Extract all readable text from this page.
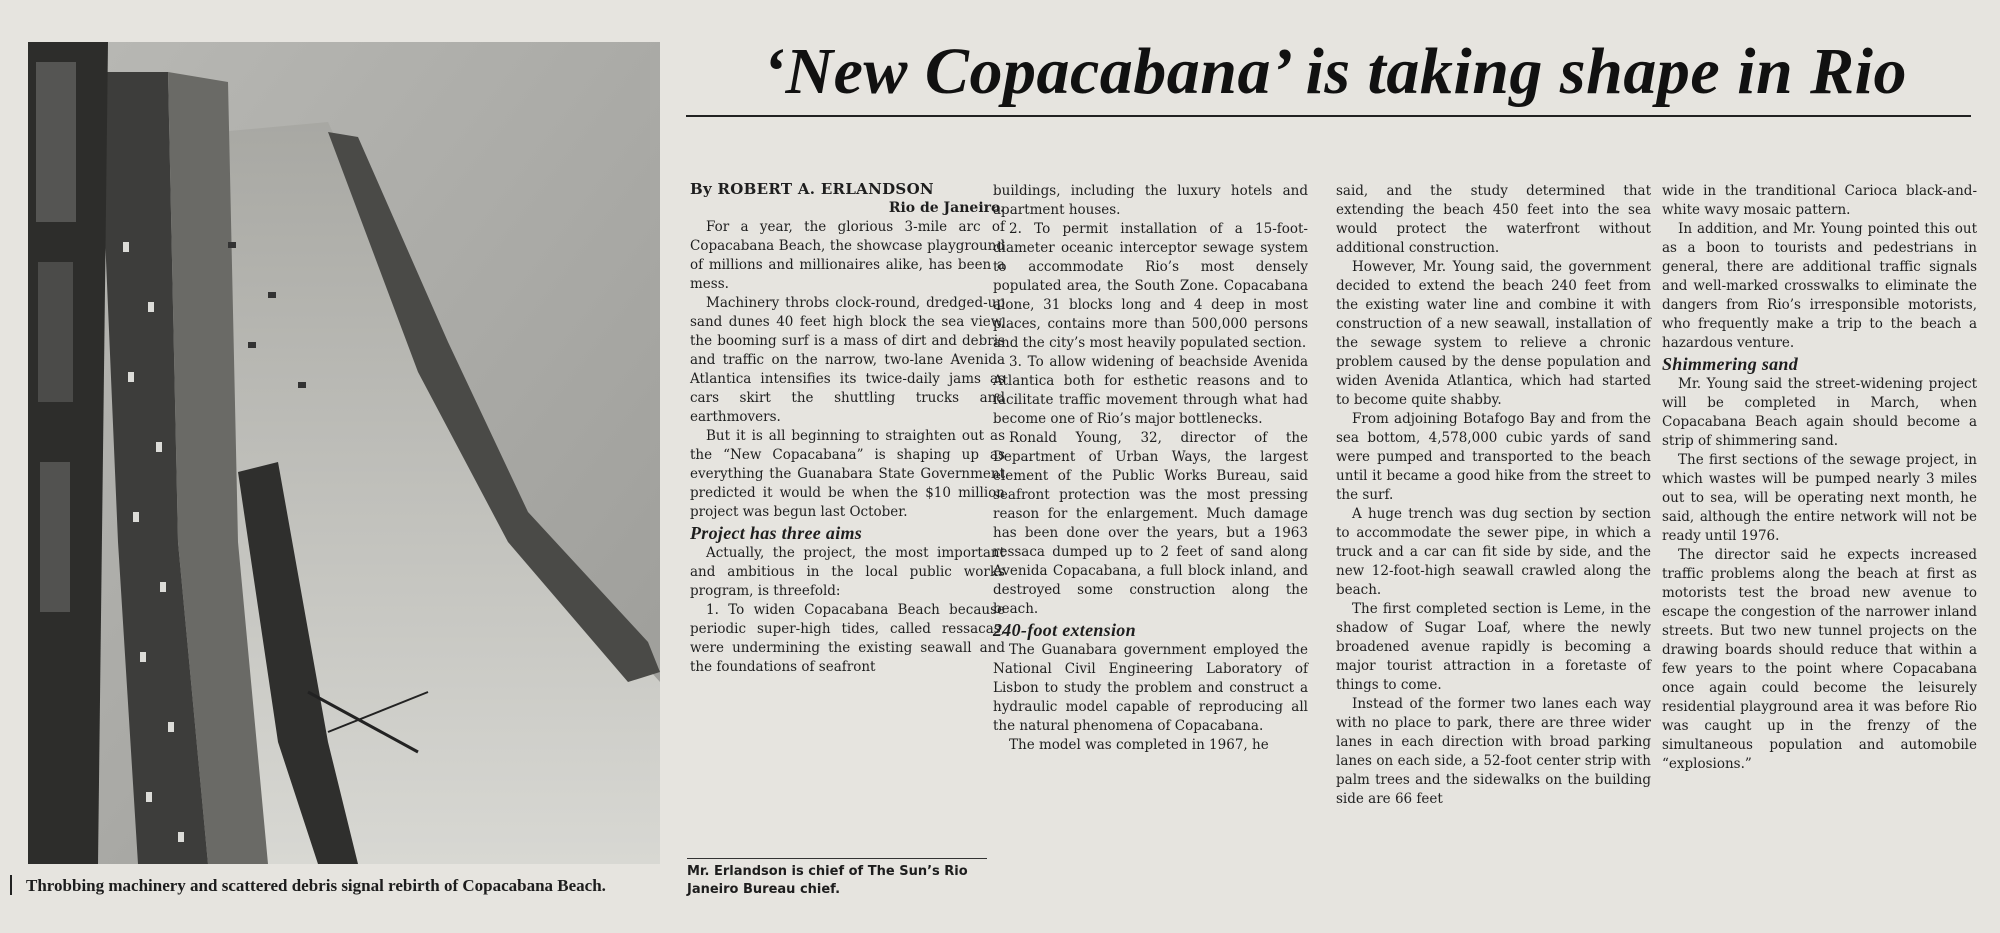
Throbbing machinery and scattered debris signal rebirth of Copacabana Beach.
‘New Copacabana’ is taking shape in Rio

By ROBERT A. ERLANDSON

Rio de Janeiro.

For a year, the glorious 3-mile arc of Copacabana Beach, the showcase playground of millions and millionaires alike, has been a mess.

Machinery throbs clock-round, dredged-up sand dunes 40 feet high block the sea view, the booming surf is a mass of dirt and debris and traffic on the narrow, two-lane Avenida Atlantica intensifies its twice-daily jams as cars skirt the shuttling trucks and earthmovers.

But it is all beginning to straighten out as the “New Copacabana” is shaping up as everything the Guanabara State Government predicted it would be when the $10 million project was begun last October.

Project has three aims

Actually, the project, the most important and ambitious in the local public works program, is threefold:

1. To widen Copacabana Beach because periodic super-high tides, called ressacas, were undermining the existing seawall and the foundations of seafront

buildings, including the luxury hotels and apartment houses.

2. To permit installation of a 15-foot-diameter oceanic interceptor sewage system to accommodate Rio’s most densely populated area, the South Zone. Copacabana alone, 31 blocks long and 4 deep in most places, contains more than 500,000 persons and the city’s most heavily populated section.

3. To allow widening of beachside Avenida Atlantica both for esthetic reasons and to facilitate traffic movement through what had become one of Rio’s major bottlenecks.

Ronald Young, 32, director of the Department of Urban Ways, the largest element of the Public Works Bureau, said seafront protection was the most pressing reason for the enlargement. Much damage has been done over the years, but a 1963 ressaca dumped up to 2 feet of sand along Avenida Copacabana, a full block inland, and destroyed some construction along the beach.

240-foot extension

The Guanabara government employed the National Civil Engineering Laboratory of Lisbon to study the problem and construct a hydraulic model capable of reproducing all the natural phenomena of Copacabana.

The model was completed in 1967, he

said, and the study determined that extending the beach 450 feet into the sea would protect the waterfront without additional construction.

However, Mr. Young said, the government decided to extend the beach 240 feet from the existing water line and combine it with construction of a new seawall, installation of the sewage system to relieve a chronic problem caused by the dense population and widen Avenida Atlantica, which had started to become quite shabby.

From adjoining Botafogo Bay and from the sea bottom, 4,578,000 cubic yards of sand were pumped and transported to the beach until it became a good hike from the street to the surf.

A huge trench was dug section by section to accommodate the sewer pipe, in which a truck and a car can fit side by side, and the new 12-foot-high seawall crawled along the beach.

The first completed section is Leme, in the shadow of Sugar Loaf, where the newly broadened avenue rapidly is becoming a major tourist attraction in a foretaste of things to come.

Instead of the former two lanes each way with no place to park, there are three wider lanes in each direction with broad parking lanes on each side, a 52-foot center strip with palm trees and the sidewalks on the building side are 66 feet

wide in the tranditional Carioca black-and-white wavy mosaic pattern.

In addition, and Mr. Young pointed this out as a boon to tourists and pedestrians in general, there are additional traffic signals and well-marked crosswalks to eliminate the dangers from Rio’s irresponsible motorists, who frequently make a trip to the beach a hazardous venture.

Shimmering sand

Mr. Young said the street-widening project will be completed in March, when Copacabana Beach again should become a strip of shimmering sand.

The first sections of the sewage project, in which wastes will be pumped nearly 3 miles out to sea, will be operating next month, he said, although the entire network will not be ready until 1976.

The director said he expects increased traffic problems along the beach at first as motorists test the broad new avenue to escape the congestion of the narrower inland streets. But two new tunnel projects on the drawing boards should reduce that within a few years to the point where Copacabana once again could become the leisurely residential playground area it was before Rio was caught up in the frenzy of the simultaneous population and automobile “explosions.”

Mr. Erlandson is chief of The Sun’s Rio Janeiro Bureau chief.
